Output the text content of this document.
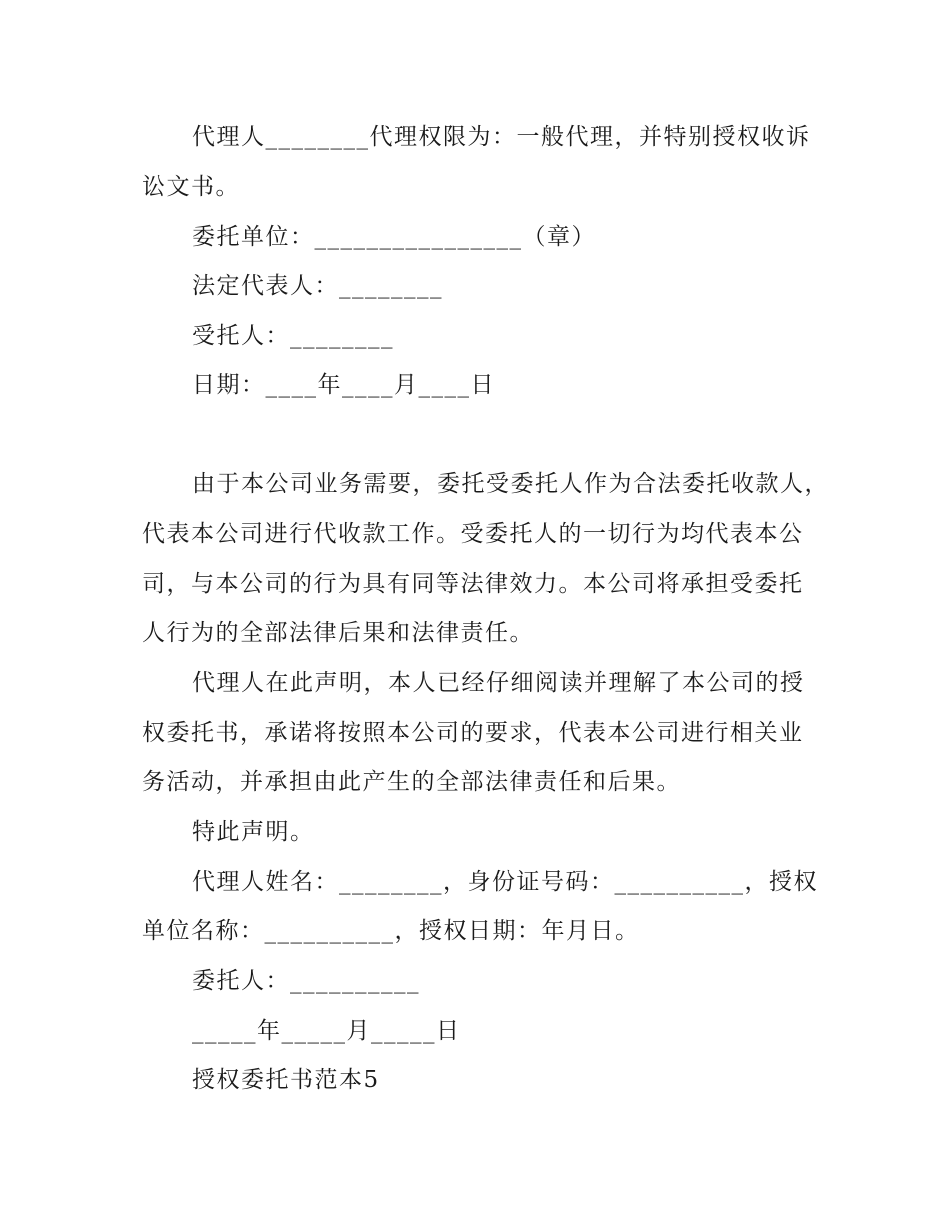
代理人________代理权限为：一般代理，并特别授权收诉
讼文书。
委托单位：________________（章）
法定代表人：________
受托人：________
日期：____年____月____日
由于本公司业务需要，委托受委托人作为合法委托收款人，
代表本公司进行代收款工作。受委托人的一切行为均代表本公
司，与本公司的行为具有同等法律效力。本公司将承担受委托
人行为的全部法律后果和法律责任。
代理人在此声明，本人已经仔细阅读并理解了本公司的授
权委托书，承诺将按照本公司的要求，代表本公司进行相关业
务活动，并承担由此产生的全部法律责任和后果。
特此声明。
代理人姓名：________，身份证号码：__________，授权
单位名称：__________，授权日期：年月日。
委托人：__________
_____年_____月_____日
授权委托书范本5
